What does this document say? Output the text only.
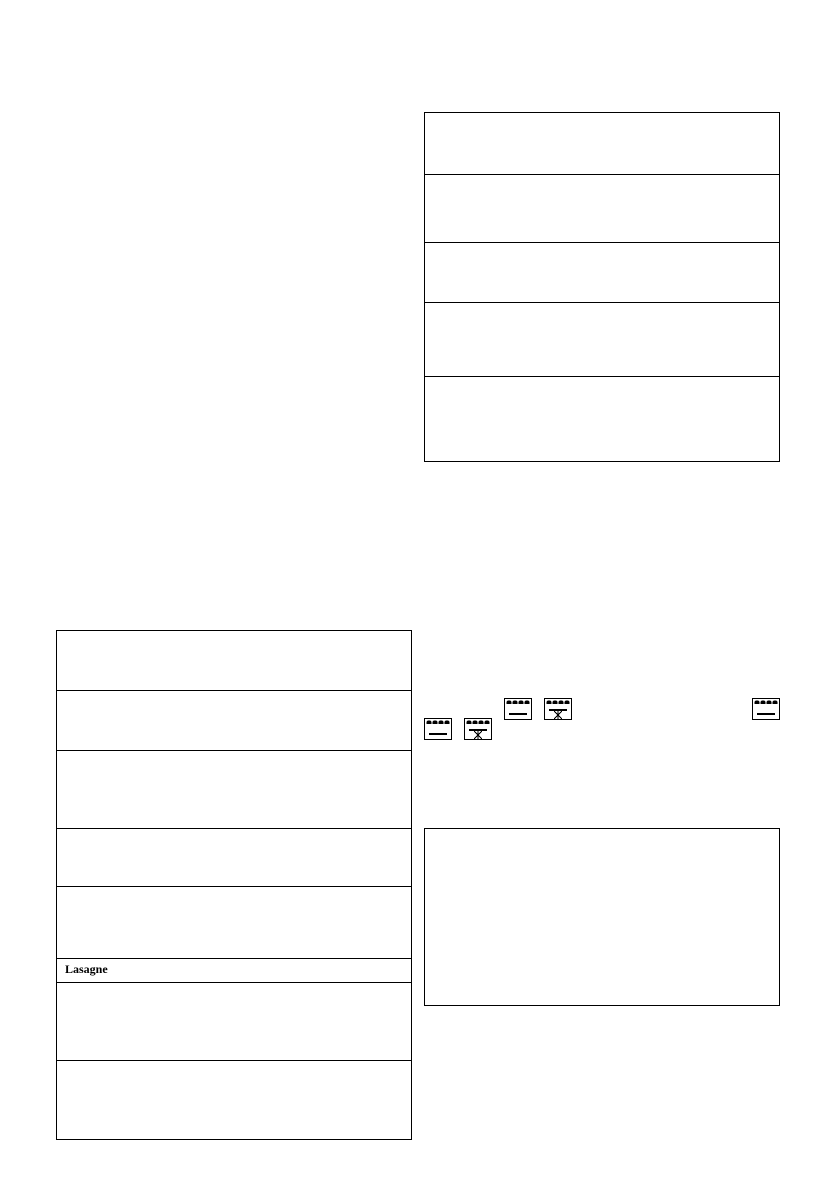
Lasagne
